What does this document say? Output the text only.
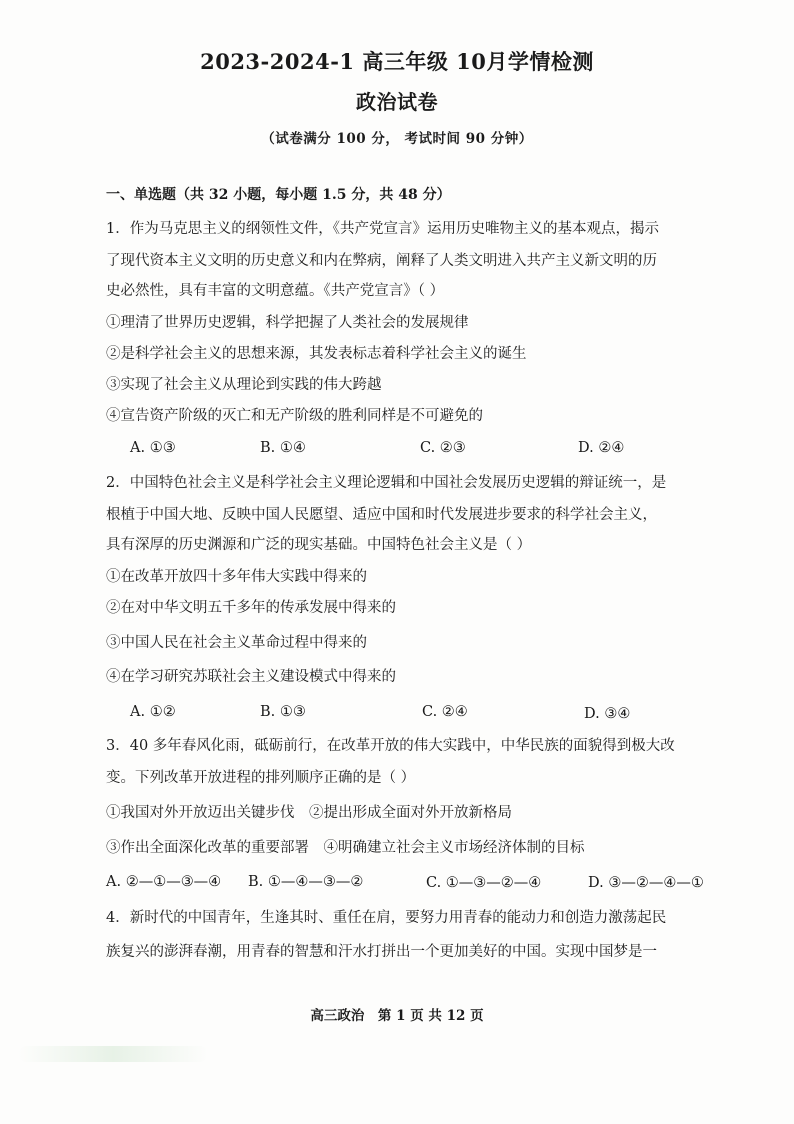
2023-2024-1 高三年级 10月学情检测
政治试卷
（试卷满分 100 分， 考试时间 90 分钟）
一、单选题（共 32 小题，每小题 1.5 分，共 48 分）
1．作为马克思主义的纲领性文件，《共产党宣言》运用历史唯物主义的基本观点，揭示
了现代资本主义文明的历史意义和内在弊病，阐释了人类文明进入共产主义新文明的历
史必然性，具有丰富的文明意蕴。《共产党宣言》（ ）
①理清了世界历史逻辑，科学把握了人类社会的发展规律
②是科学社会主义的思想来源，其发表标志着科学社会主义的诞生
③实现了社会主义从理论到实践的伟大跨越
④宣告资产阶级的灭亡和无产阶级的胜利同样是不可避免的
A. ①③	B. ①④	C. ②③	D. ②④
2．中国特色社会主义是科学社会主义理论逻辑和中国社会发展历史逻辑的辩证统一，是
根植于中国大地、反映中国人民愿望、适应中国和时代发展进步要求的科学社会主义，
具有深厚的历史渊源和广泛的现实基础。中国特色社会主义是（ ）
①在改革开放四十多年伟大实践中得来的
②在对中华文明五千多年的传承发展中得来的
③中国人民在社会主义革命过程中得来的
④在学习研究苏联社会主义建设模式中得来的
A. ①②	B. ①③	C. ②④	D. ③④
3．40 多年春风化雨，砥砺前行，在改革开放的伟大实践中，中华民族的面貌得到极大改
变。下列改革开放进程的排列顺序正确的是（ ）
①我国对外开放迈出关键步伐　②提出形成全面对外开放新格局
③作出全面深化改革的重要部署　④明确建立社会主义市场经济体制的目标
A. ②—①—③—④ B. ①—④—③—②	C. ①—③—②—④	D. ③—②—④—①
4．新时代的中国青年，生逢其时、重任在肩，要努力用青春的能动力和创造力激荡起民
族复兴的澎湃春潮，用青春的智慧和汗水打拼出一个更加美好的中国。实现中国梦是一
高三政治　第 1 页 共 12 页
